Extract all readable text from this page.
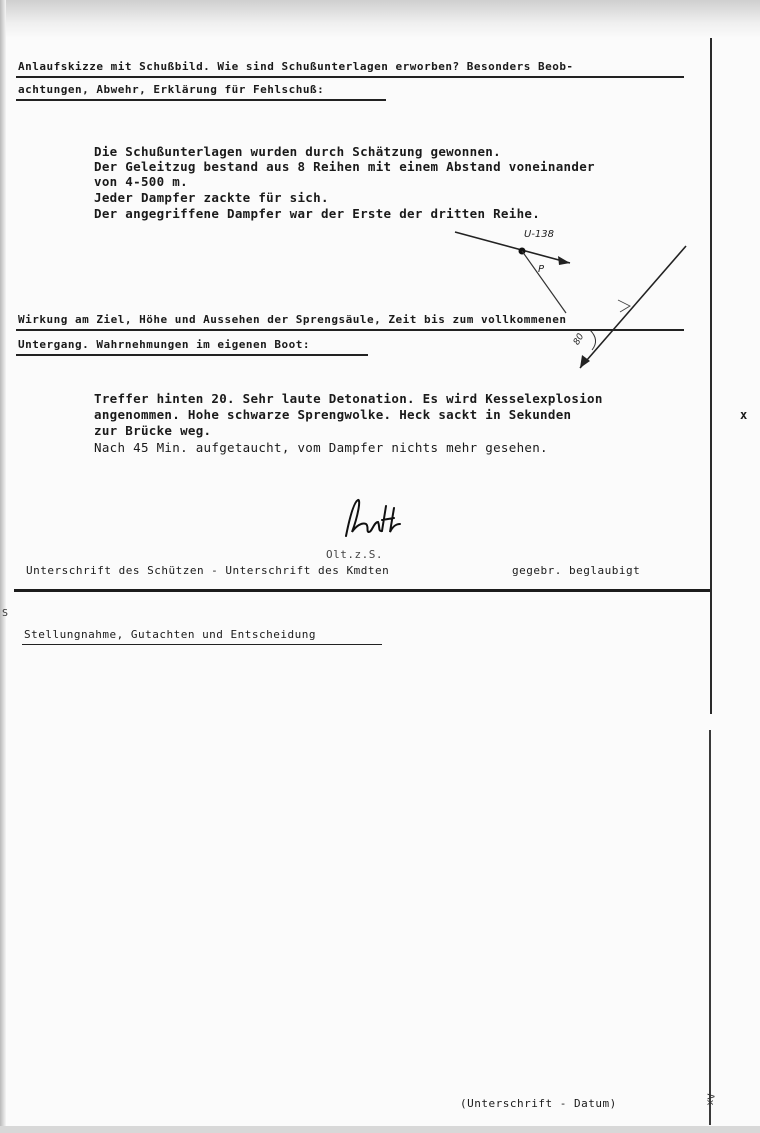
Anlaufskizze mit Schußbild. Wie sind Schußunterlagen erworben? Besonders Beob-
achtungen, Abwehr, Erklärung für Fehlschuß:
Die Schußunterlagen wurden durch Schätzung gewonnen.
Der Geleitzug bestand aus 8 Reihen mit einem Abstand voneinander
von 4-500 m.
Jeder Dampfer zackte für sich.
Der angegriffene Dampfer war der Erste der dritten Reihe.
U-138
P
80
Wirkung am Ziel, Höhe und Aussehen der Sprengsäule, Zeit bis zum vollkommenen
Untergang. Wahrnehmungen im eigenen Boot:
Treffer hinten 20. Sehr laute Detonation. Es wird Kesselexplosion
angenommen. Hohe schwarze Sprengwolke. Heck sackt in Sekunden
zur Brücke weg.
Nach 45 Min. aufgetaucht, vom Dampfer nichts mehr gesehen.
x
Olt.z.S.
Unterschrift des Schützen - Unterschrift des Kmdten	gegebr. beglaubigt
S
Stellungnahme, Gutachten und Entscheidung
(Unterschrift - Datum)	Ax
